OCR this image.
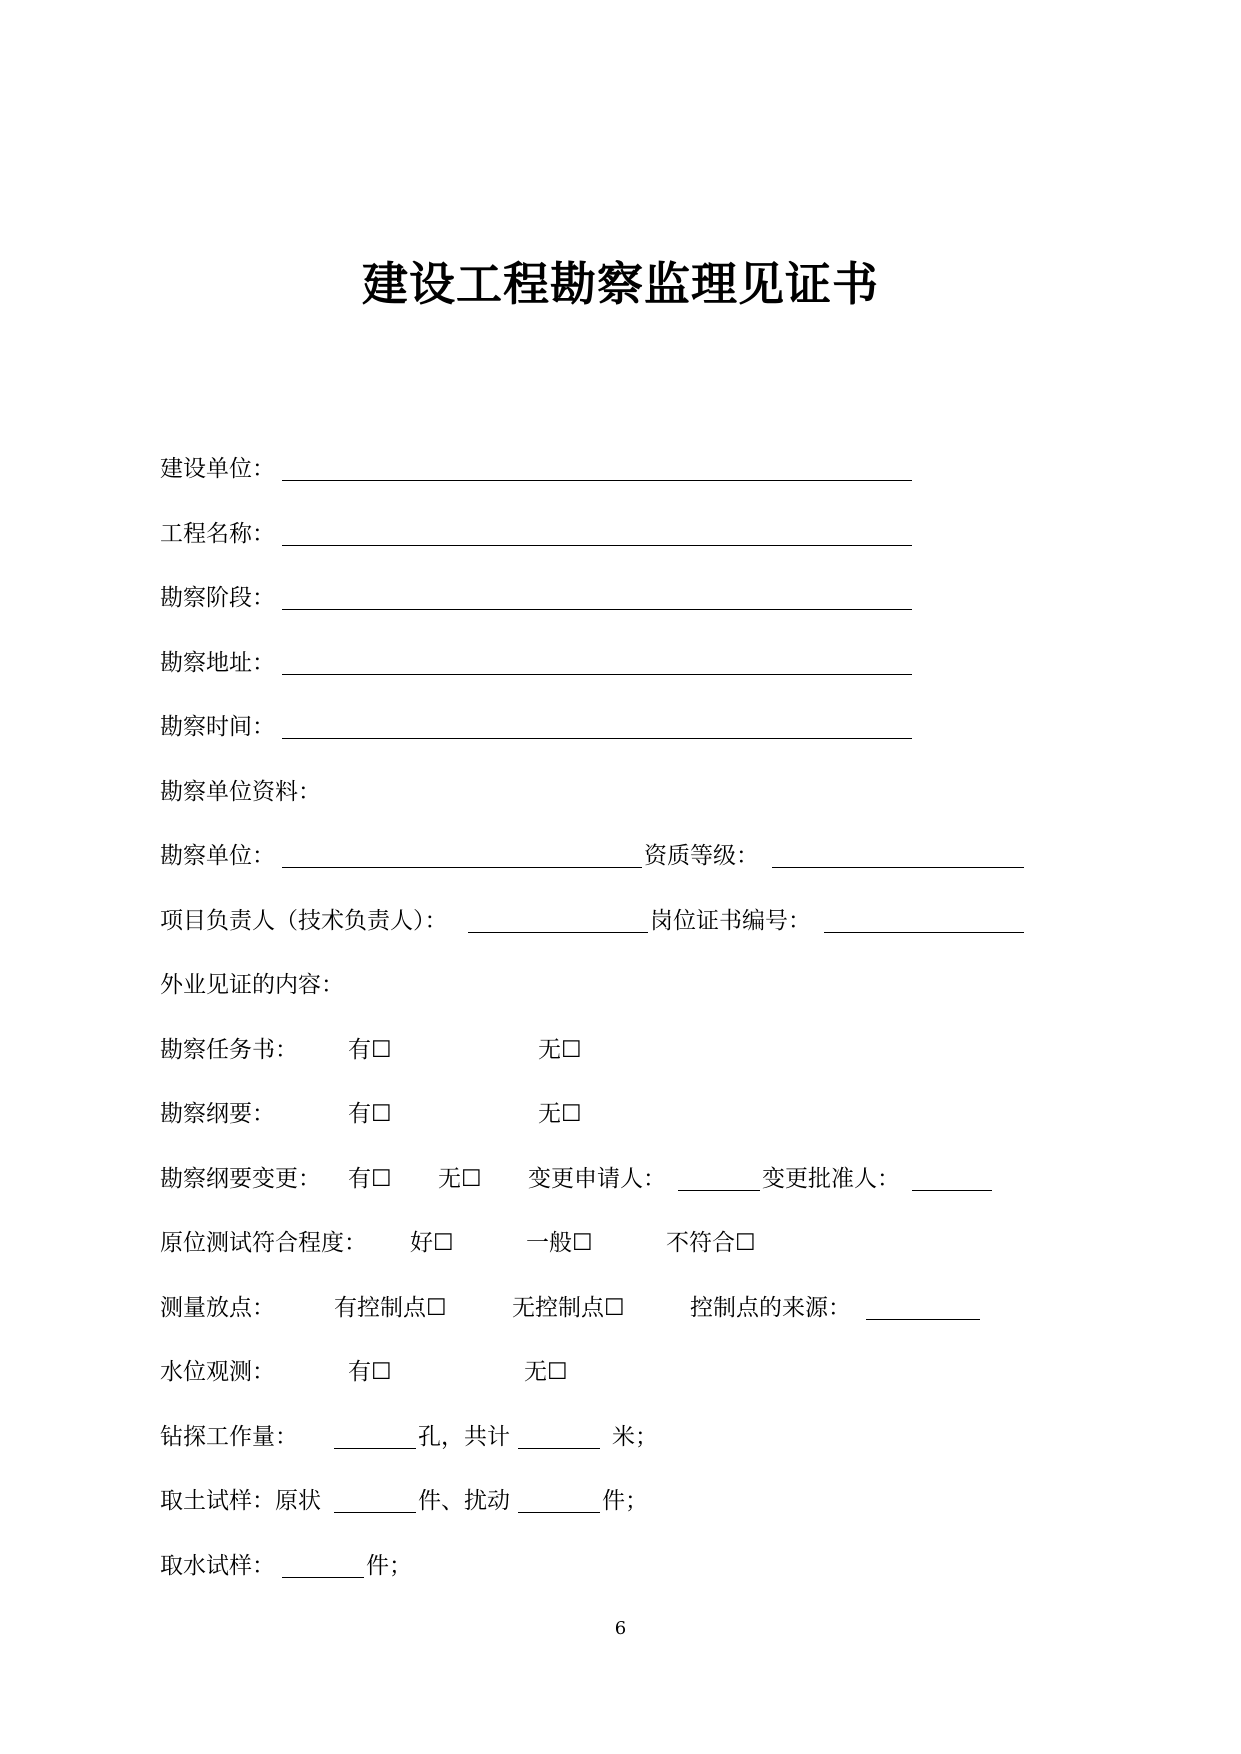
建设工程勘察监理见证书
建设单位：
工程名称：
勘察阶段：
勘察地址：
勘察时间：
勘察单位资料：
勘察单位：	资质等级：
项目负责人（技术负责人）：	岗位证书编号：
外业见证的内容：
勘察任务书： 有☐	无☐
勘察纲要：	有☐	无☐
勘察纲要变更： 有☐ 无☐ 变更申请人：	变更批准人：
原位测试符合程度： 好☐	一般☐	不符合☐
测量放点：	有控制点☐	无控制点☐	控制点的来源：
水位观测：	有☐	无☐
钻探工作量：	孔，共计	米；
取土试样：原状	件、扰动	件；
取水试样：	件；
6
